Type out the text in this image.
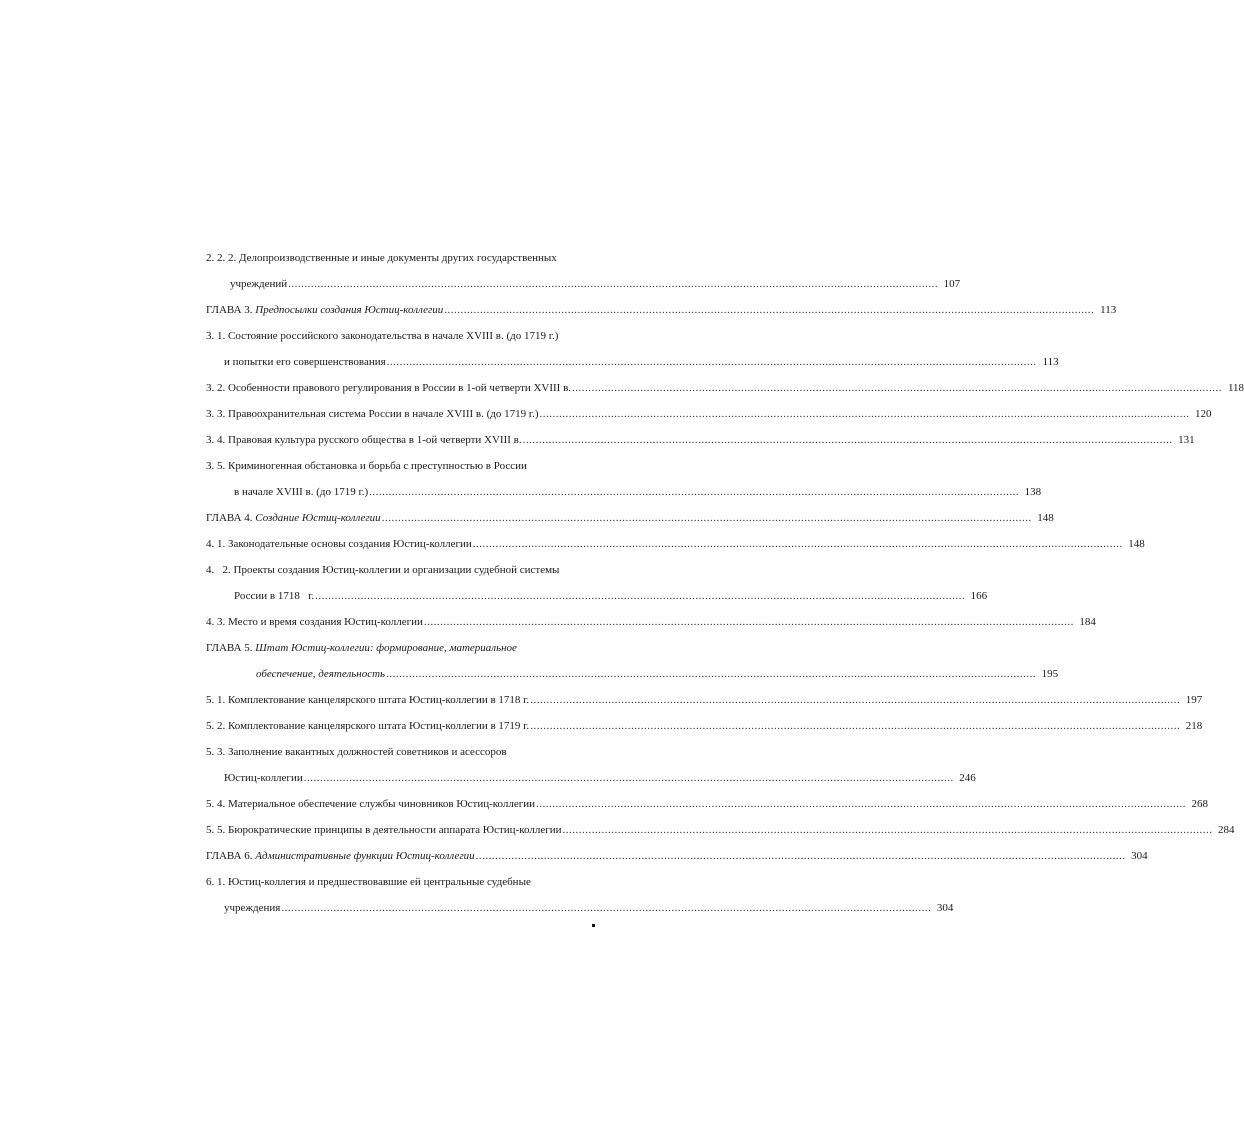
2. 2. 2. Делопроизводственные и иные документы других государственных
учреждений ........................................................................................................................................................................................................ 107
ГЛАВА 3. Предпосылки создания Юстиц-коллегии ........................................................................................................................................................................................................ 113
3. 1. Состояние российского законодательства в начале XVIII в. (до 1719 г.)
и попытки его совершенствования ........................................................................................................................................................................................................ 113
3. 2. Особенности правового регулирования в России в 1-ой четверти XVIII в. ........................................................................................................................................................................................................ 118
3. 3. Правоохранительная система России в начале XVIII в. (до 1719 г.) ........................................................................................................................................................................................................ 120
3. 4. Правовая культура русского общества в 1-ой четверти XVIII в. ........................................................................................................................................................................................................ 131
3. 5. Криминогенная обстановка и борьба с преступностью в России
в начале XVIII в. (до 1719 г.) ........................................................................................................................................................................................................ 138
ГЛАВА 4. Создание Юстиц-коллегии ........................................................................................................................................................................................................ 148
4. 1. Законодательные основы создания Юстиц-коллегии ........................................................................................................................................................................................................ 148
4.   2. Проекты создания Юстиц-коллегии и организации судебной системы
России в 1718   г. ........................................................................................................................................................................................................ 166
4. 3. Место и время создания Юстиц-коллегии ........................................................................................................................................................................................................ 184
ГЛАВА 5. Штат Юстиц-коллегии: формирование, материальное
обеспечение, деятельность ........................................................................................................................................................................................................ 195
5. 1. Комплектование канцелярского штата Юстиц-коллегии в 1718 г. ........................................................................................................................................................................................................ 197
5. 2. Комплектование канцелярского штата Юстиц-коллегии в 1719 г. ........................................................................................................................................................................................................ 218
5. 3. Заполнение вакантных должностей советников и асессоров
Юстиц-коллегии ........................................................................................................................................................................................................ 246
5. 4. Материальное обеспечение службы чиновников Юстиц-коллегии ........................................................................................................................................................................................................ 268
5. 5. Бюрократические принципы в деятельности аппарата Юстиц-коллегии ........................................................................................................................................................................................................ 284
ГЛАВА 6. Административные функции Юстиц-коллегии ........................................................................................................................................................................................................ 304
6. 1. Юстиц-коллегия и предшествовавшие ей центральные судебные
учреждения ........................................................................................................................................................................................................ 304
